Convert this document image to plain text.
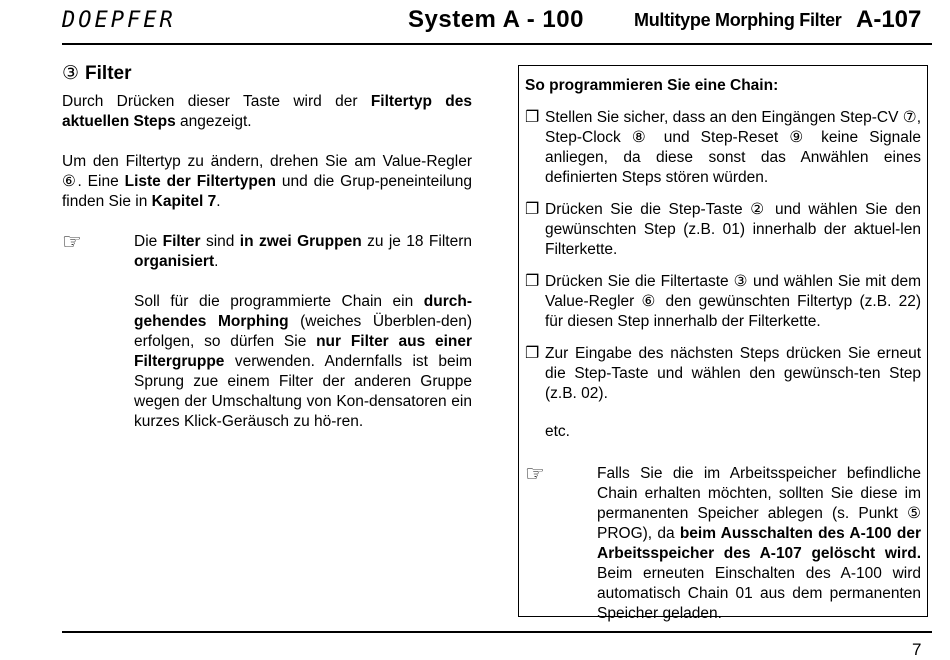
DOEPFER	System A - 100	Multitype Morphing Filter A-107
③ Filter

Durch Drücken dieser Taste wird der Filtertyp des aktuellen Steps angezeigt.

Um den Filtertyp zu ändern, drehen Sie am Value-Regler ⑥. Eine Liste der Filtertypen und die Grup-peneinteilung finden Sie in Kapitel 7.

☞	Die Filter sind in zwei Gruppen zu je 18 Filtern organisiert.

Soll für die programmierte Chain ein durch-gehendes Morphing (weiches Überblen-den) erfolgen, so dürfen Sie nur Filter aus einer Filtergruppe verwenden. Andernfalls ist beim Sprung zue einem Filter der anderen Gruppe wegen der Umschaltung von Kon-densatoren ein kurzes Klick-Geräusch zu hö-ren.

So programmieren Sie eine Chain:
❐ Stellen Sie sicher, dass an den Eingängen Step-CV ⑦, Step-Clock ⑧ und Step-Reset ⑨ keine Signale anliegen, da diese sonst das Anwählen eines definierten Steps stören würden.
❐ Drücken Sie die Step-Taste ② und wählen Sie den gewünschten Step (z.B. 01) innerhalb der aktuel-len Filterkette.
❐ Drücken Sie die Filtertaste ③ und wählen Sie mit dem Value-Regler ⑥ den gewünschten Filtertyp (z.B. 22) für diesen Step innerhalb der Filterkette.
❐ Zur Eingabe des nächsten Steps drücken Sie erneut die Step-Taste und wählen den gewünsch-ten Step (z.B. 02).
etc.
☞	Falls Sie die im Arbeitsspeicher befindliche Chain erhalten möchten, sollten Sie diese im permanenten Speicher ablegen (s. Punkt ⑤ PROG), da beim Ausschalten des A-100 der Arbeitsspeicher des A-107 gelöscht wird. Beim erneuten Einschalten des A-100 wird automatisch Chain 01 aus dem permanenten Speicher geladen.
7
